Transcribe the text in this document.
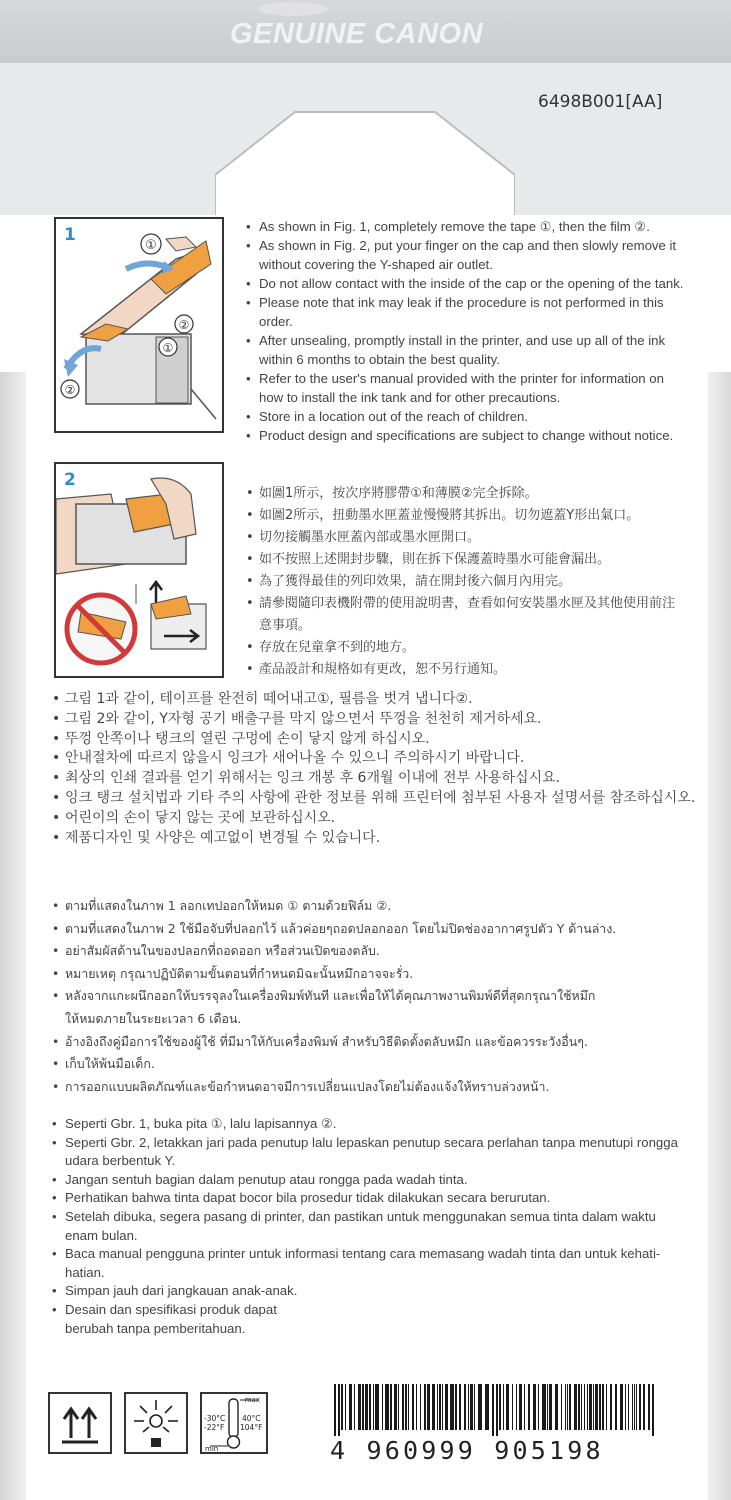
GENUINE CANON
6498B001[AA]
1
①
②
①
②
2
• As shown in Fig. 1, completely remove the tape ①, then the film ②.
• As shown in Fig. 2, put your finger on the cap and then slowly remove it without covering the Y-shaped air outlet.
• Do not allow contact with the inside of the cap or the opening of the tank.
• Please note that ink may leak if the procedure is not performed in this order.
• After unsealing, promptly install in the printer, and use up all of the ink within 6 months to obtain the best quality.
• Refer to the user's manual provided with the printer for information on how to install the ink tank and for other precautions.
• Store in a location out of the reach of children.
• Product design and specifications are subject to change without notice.
• 如圖1所示，按次序將膠帶①和薄膜②完全拆除。
• 如圖2所示，扭動墨水匣蓋並慢慢將其拆出。切勿遮蓋Y形出氣口。
• 切勿接觸墨水匣蓋內部或墨水匣開口。
• 如不按照上述開封步驟，則在拆下保護蓋時墨水可能會漏出。
• 為了獲得最佳的列印效果，請在開封後六個月內用完。
• 請參閱隨印表機附帶的使用說明書，查看如何安裝墨水匣及其他使用前注意事項。
• 存放在兒童拿不到的地方。
• 產品設計和規格如有更改，恕不另行通知。
• 그림 1과 같이, 테이프를 완전히 떼어내고①, 필름을 벗겨 냅니다②.
• 그림 2와 같이, Y자형 공기 배출구를 막지 않으면서 뚜껑을 천천히 제거하세요.
• 뚜껑 안쪽이나 탱크의 열린 구멍에 손이 닿지 않게 하십시오.
• 안내절차에 따르지 않을시 잉크가 새어나올 수 있으니 주의하시기 바랍니다.
• 최상의 인쇄 결과를 얻기 위해서는 잉크 개봉 후 6개월 이내에 전부 사용하십시요.
• 잉크 탱크 설치법과 기타 주의 사항에 관한 정보를 위해 프린터에 첨부된 사용자 설명서를 참조하십시오.
• 어린이의 손이 닿지 않는 곳에 보관하십시오.
• 제품디자인 및 사양은 예고없이 변경될 수 있습니다.
• ตามที่แสดงในภาพ 1 ลอกเทปออกให้หมด ① ตามด้วยฟิล์ม ②.
• ตามที่แสดงในภาพ 2 ใช้มือจับที่ปลอกไว้ แล้วค่อยๆถอดปลอกออก โดยไม่ปิดช่องอากาศรูปตัว Y ด้านล่าง.
• อย่าสัมผัสด้านในของปลอกที่ถอดออก หรือส่วนเปิดของตลับ.
• หมายเหตุ กรุณาปฏิบัติตามขั้นตอนที่กำหนดมิฉะนั้นหมึกอาจจะรั่ว.
• หลังจากแกะผนึกออกให้บรรจุลงในเครื่องพิมพ์ทันที และเพื่อให้ได้คุณภาพงานพิมพ์ดีที่สุดกรุณาใช้หมึกให้หมดภายในระยะเวลา 6 เดือน.
• อ้างอิงถึงคู่มือการใช้ของผู้ใช้ ที่มีมาให้กับเครื่องพิมพ์ สำหรับวิธีติดตั้งตลับหมึก และข้อควรระวังอื่นๆ.
• เก็บให้พ้นมือเด็ก.
• การออกแบบผลิตภัณฑ์และข้อกำหนดอาจมีการเปลี่ยนแปลงโดยไม่ต้องแจ้งให้ทราบล่วงหน้า.
• Seperti Gbr. 1, buka pita ①, lalu lapisannya ②.
• Seperti Gbr. 2, letakkan jari pada penutup lalu lepaskan penutup secara perlahan tanpa menutupi rongga udara berbentuk Y.
• Jangan sentuh bagian dalam penutup atau rongga pada wadah tinta.
• Perhatikan bahwa tinta dapat bocor bila prosedur tidak dilakukan secara berurutan.
• Setelah dibuka, segera pasang di printer, dan pastikan untuk menggunakan semua tinta dalam waktu enam bulan.
• Baca manual pengguna printer untuk informasi tentang cara memasang wadah tinta dan untuk kehati-hatian.
• Simpan jauh dari jangkauan anak-anak.
• Desain dan spesifikasi produk dapat berubah tanpa pemberitahuan.
max
min
-30°C
-22°F
40°C
104°F
4 960999 905198
